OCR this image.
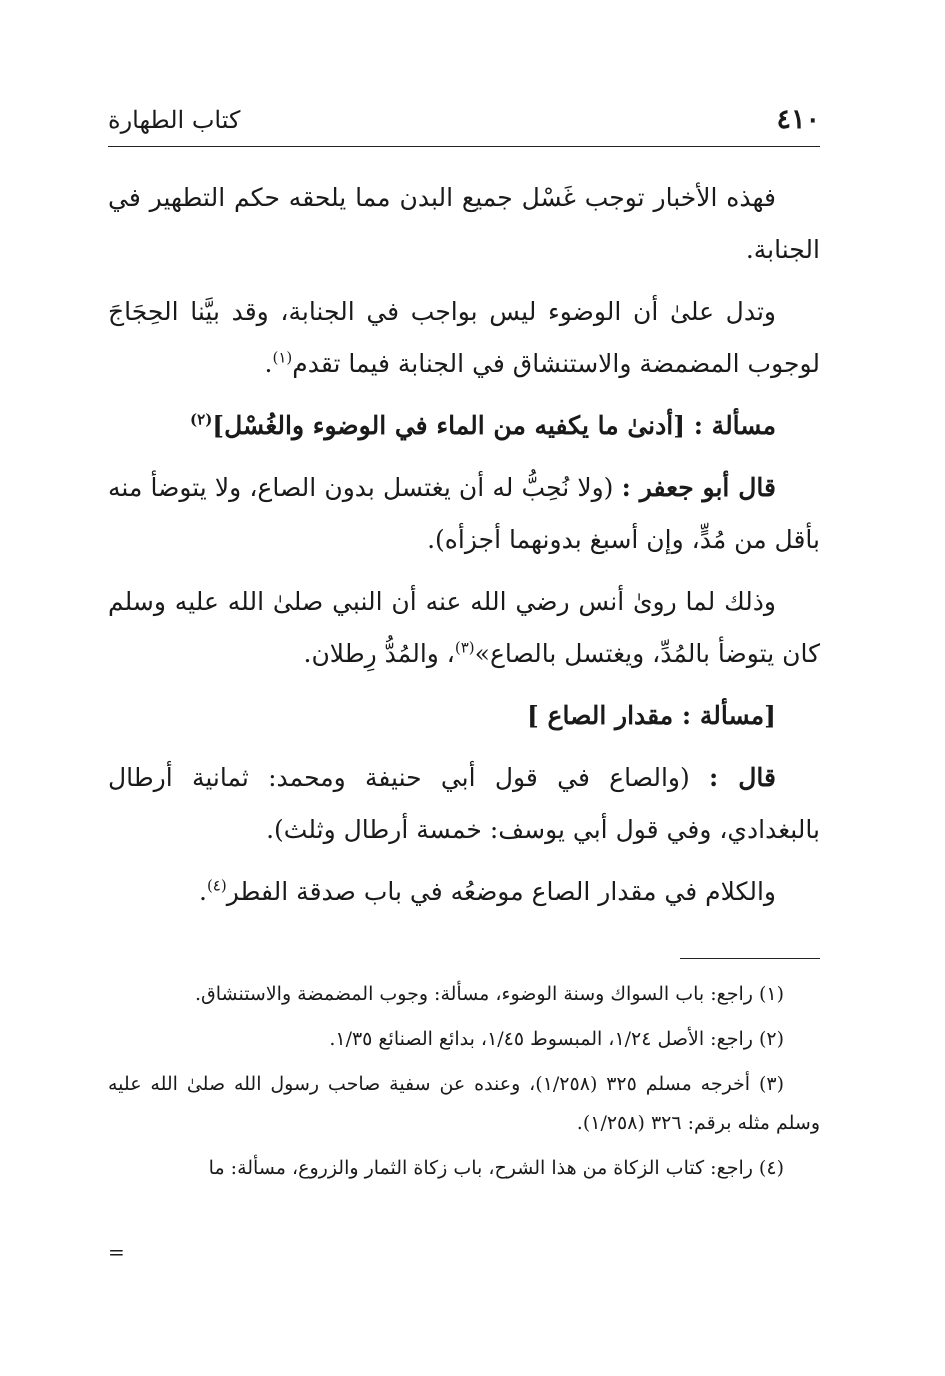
٤١٠
كتاب الطهارة

فهذه الأخبار توجب غَسْل جميع البدن مما يلحقه حكم التطهير في الجنابة.

وتدل علىٰ أن الوضوء ليس بواجب في الجنابة، وقد بيَّنا الحِجَاجَ لوجوب المضمضة والاستنشاق في الجنابة فيما تقدم$^{(١)}$.

مسألة : [أدنىٰ ما يكفيه من الماء في الوضوء والغُسْل]$^{(٢)}$

قال أبو جعفر : (ولا نُحِبُّ له أن يغتسل بدون الصاع، ولا يتوضأ منه بأقل من مُدٍّ، وإن أسبغ بدونهما أجزأه).

وذلك لما روىٰ أنس رضي الله عنه أن النبي صلىٰ الله عليه وسلم كان يتوضأ بالمُدِّ، ويغتسل بالصاع»$^{(٣)}$، والمُدُّ رِطلان.

[مسألة : مقدار الصاع ]

قال : (والصاع في قول أبي حنيفة ومحمد: ثمانية أرطال بالبغدادي، وفي قول أبي يوسف: خمسة أرطال وثلث).

والكلام في مقدار الصاع موضعُه في باب صدقة الفطر$^{(٤)}$.

(١) راجع: باب السواك وسنة الوضوء، مسألة: وجوب المضمضة والاستنشاق.

(٢) راجع: الأصل ١/٢٤، المبسوط ١/٤٥، بدائع الصنائع ١/٣٥.

(٣) أخرجه مسلم ٣٢٥ (١/٢٥٨)، وعنده عن سفية صاحب رسول الله صلىٰ الله عليه وسلم مثله برقم: ٣٢٦ (١/٢٥٨).

(٤) راجع: كتاب الزكاة من هذا الشرح، باب زكاة الثمار والزروع، مسألة: ما

=
